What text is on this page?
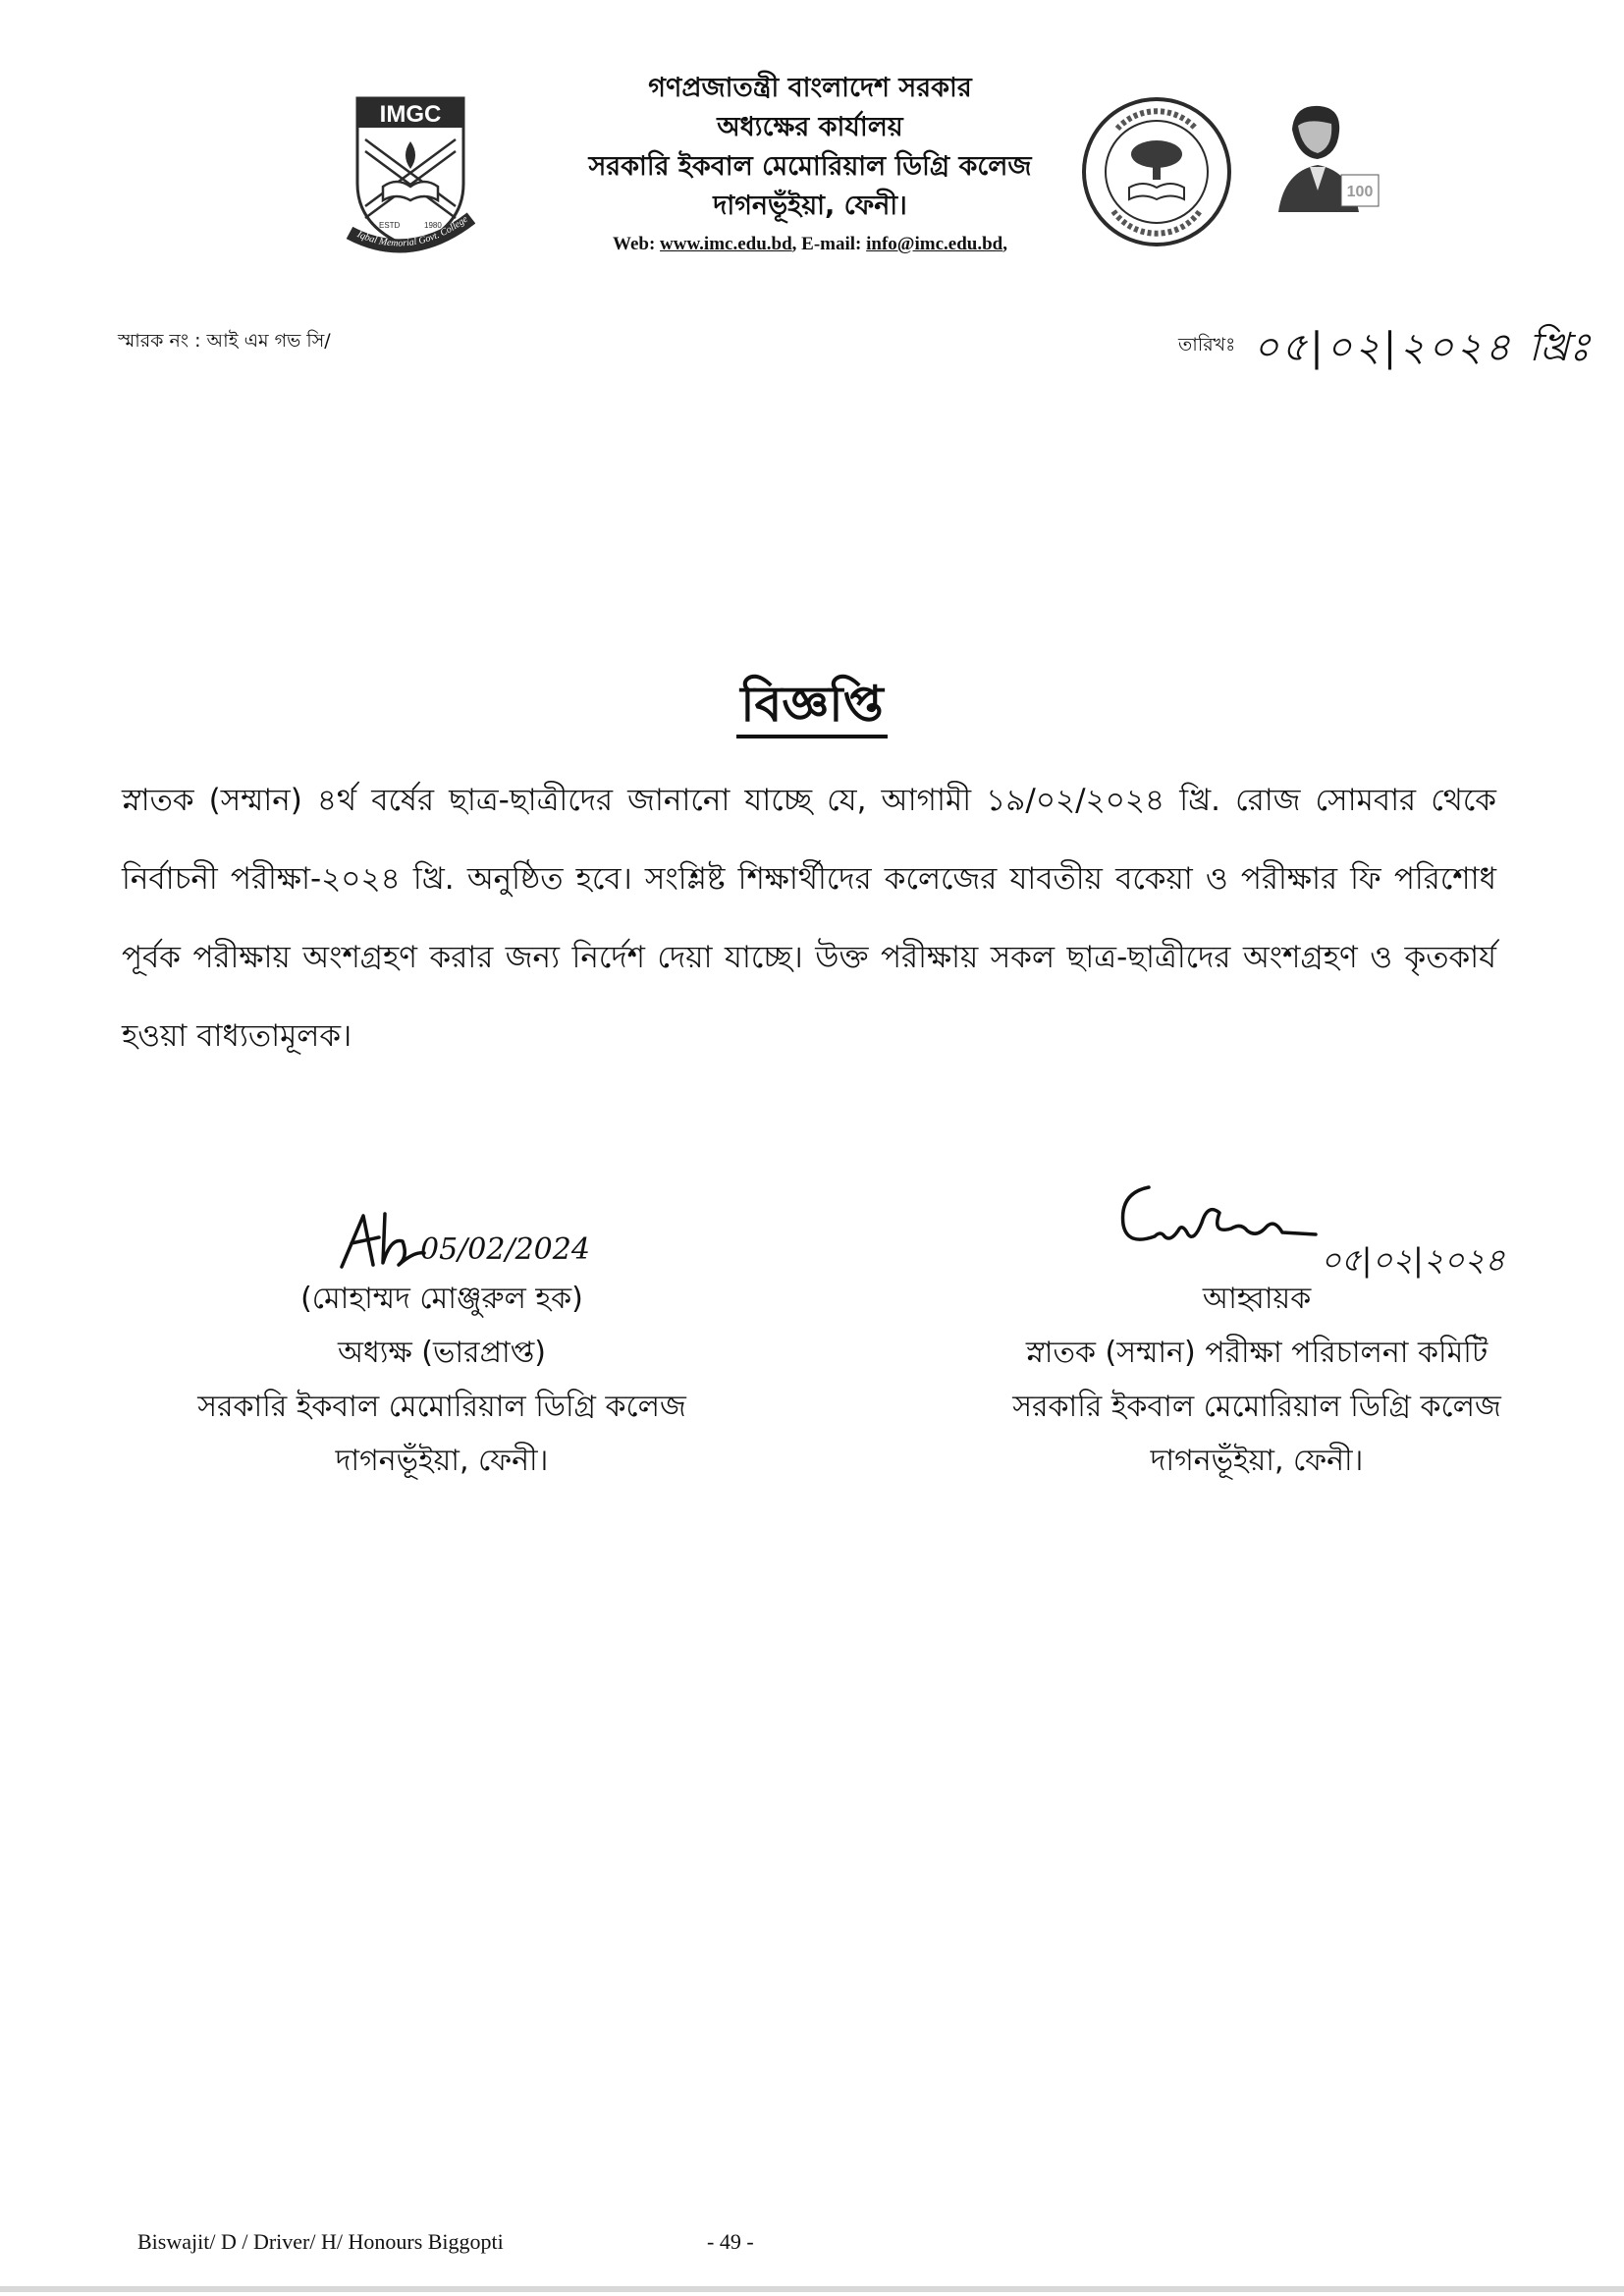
IMGC
ESTD	1980
Iqbal Memorial Govt. College
গণপ্রজাতন্ত্রী বাংলাদেশ সরকার
অধ্যক্ষের কার্যালয়
সরকারি ইকবাল মেমোরিয়াল ডিগ্রি কলেজ
দাগনভূঁইয়া, ফেনী।
Web: www.imc.edu.bd, E-mail: info@imc.edu.bd,
100
স্মারক নং : আই এম গভ সি/	তারিখঃ ০৫|০২|২০২৪ খ্রিঃ
বিজ্ঞপ্তি
স্নাতক (সম্মান) ৪র্থ বর্ষের ছাত্র-ছাত্রীদের জানানো যাচ্ছে যে, আগামী ১৯/০২/২০২৪ খ্রি. রোজ সোমবার থেকে নির্বাচনী পরীক্ষা-২০২৪ খ্রি. অনুষ্ঠিত হবে। সংশ্লিষ্ট শিক্ষার্থীদের কলেজের যাবতীয় বকেয়া ও পরীক্ষার ফি পরিশোধ পূর্বক পরীক্ষায় অংশগ্রহণ করার জন্য নির্দেশ দেয়া যাচ্ছে। উক্ত পরীক্ষায় সকল ছাত্র-ছাত্রীদের অংশগ্রহণ ও কৃতকার্য হওয়া বাধ্যতামূলক।
05/02/2024	০৫|০২|২০২৪
(মোহাম্মদ মোঞ্জুরুল হক)
অধ্যক্ষ (ভারপ্রাপ্ত)
সরকারি ইকবাল মেমোরিয়াল ডিগ্রি কলেজ
দাগনভূঁইয়া, ফেনী।
আহ্বায়ক
স্নাতক (সম্মান) পরীক্ষা পরিচালনা কমিটি
সরকারি ইকবাল মেমোরিয়াল ডিগ্রি কলেজ
দাগনভূঁইয়া, ফেনী।
Biswajit/ D / Driver/ H/ Honours Biggopti	- 49 -
